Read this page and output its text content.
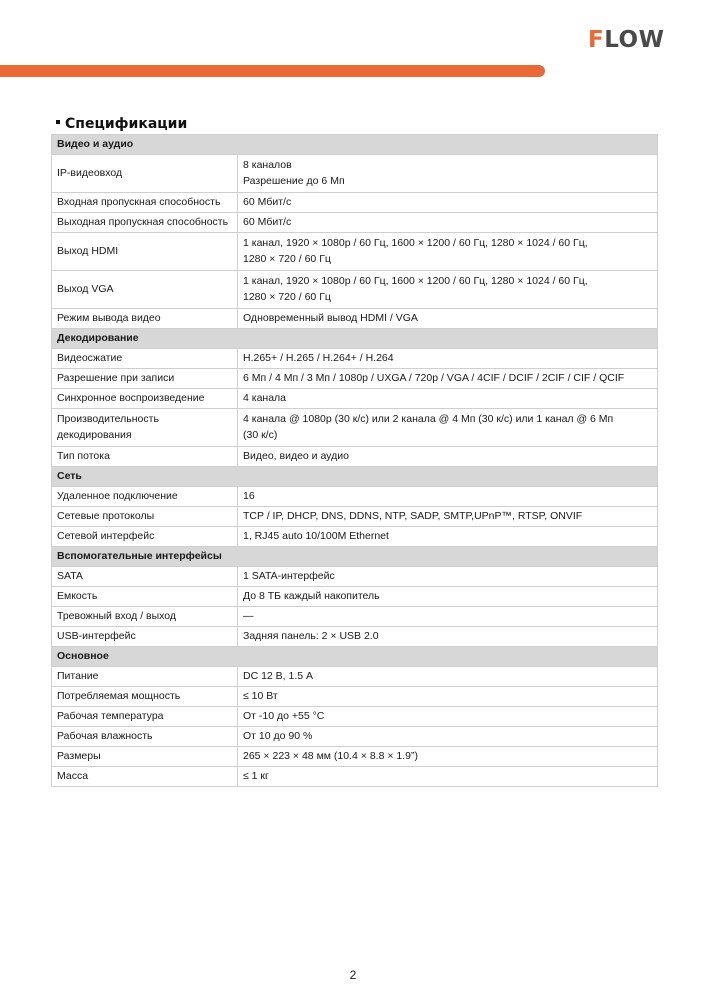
FLOW
Спецификации
Видео и аудио	
IP-видеовход	8 каналов
Разрешение до 6 Мп

Входная пропускная способность	60 Мбит/с

Выходная пропускная способность	60 Мбит/с

Выход HDMI	1 канал, 1920 × 1080р / 60 Гц, 1600 × 1200 / 60 Гц, 1280 × 1024 / 60 Гц,
1280 × 720 / 60 Гц

Выход VGA	1 канал, 1920 × 1080р / 60 Гц, 1600 × 1200 / 60 Гц, 1280 × 1024 / 60 Гц,
1280 × 720 / 60 Гц

Режим вывода видео	Одновременный вывод HDMI / VGA

Декодирование	
Видеосжатие	H.265+ / H.265 / H.264+ / H.264

Разрешение при записи	6 Мп / 4 Мп / 3 Мп / 1080p / UXGA / 720p / VGA / 4CIF / DCIF / 2CIF / CIF / QCIF

Синхронное воспроизведение	4 канала

Производительность
декодирования	4 канала @ 1080p (30 к/с) или 2 канала @ 4 Мп (30 к/с) или 1 канал @ 6 Мп
(30 к/с)

Тип потока	Видео, видео и аудио

Сеть	
Удаленное подключение	16

Сетевые протоколы	TCP / IP, DHCP, DNS, DDNS, NTP, SADP, SMTP,UPnP™, RTSP, ONVIF

Сетевой интерфейс	1, RJ45 auto 10/100M Ethernet

Вспомогательные интерфейсы	
SATA	1 SATA-интерфейс

Емкость	До 8 ТБ каждый накопитель

Тревожный вход / выход	—

USB-интерфейс	Задняя панель: 2 × USB 2.0

Основное	
Питание	DC 12 В, 1.5 А

Потребляемая мощность	≤ 10 Вт

Рабочая температура	От -10 до +55 °C

Рабочая влажность	От 10 до 90 %

Размеры	265 × 223 × 48 мм (10.4 × 8.8 × 1.9”)

Масса	≤ 1 кг
2
